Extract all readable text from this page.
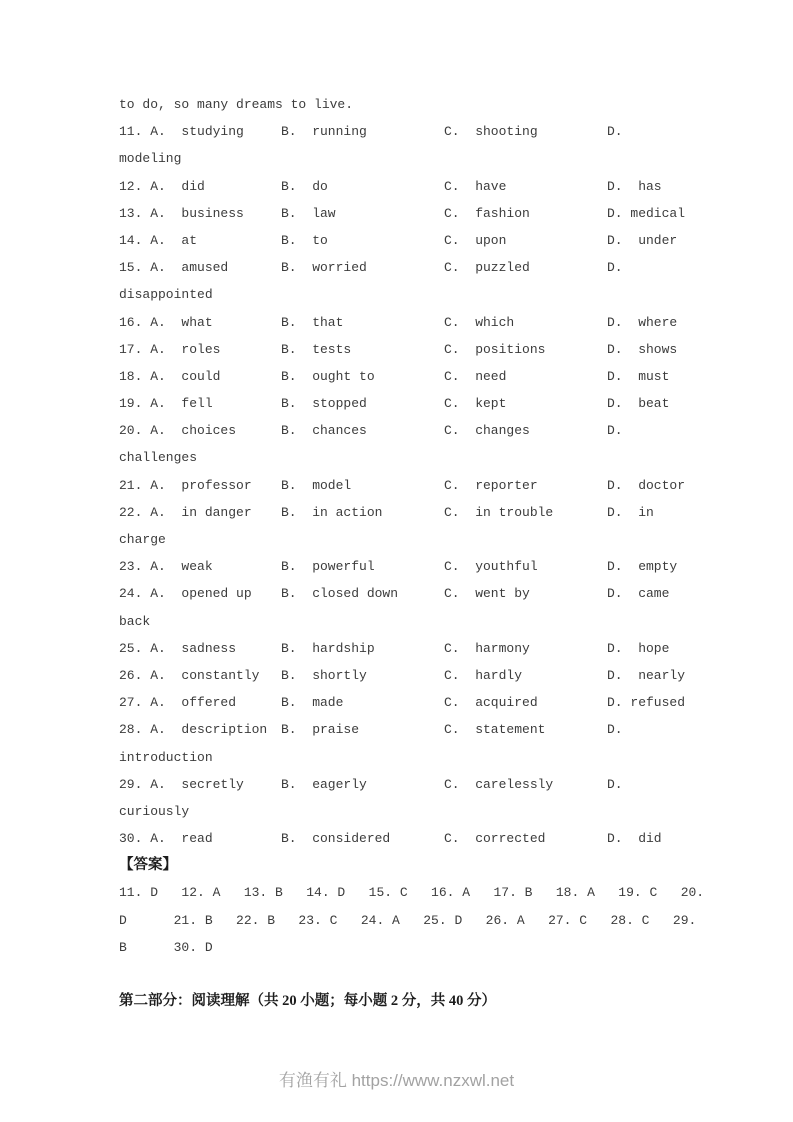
to do, so many dreams to live.
11. A.  studying	B.  running	C.  shooting	D.
modeling
12. A.  did	B.  do	C.  have	D.  has
13. A.  business	B.  law	C.  fashion	D. medical
14. A.  at	B.  to	C.  upon	D.  under
15. A.  amused	B.  worried	C.  puzzled	D.
disappointed
16. A.  what	B.  that	C.  which	D.  where
17. A.  roles	B.  tests	C.  positions	D.  shows
18. A.  could	B.  ought to	C.  need	D.  must
19. A.  fell	B.  stopped	C.  kept	D.  beat
20. A.  choices	B.  chances	C.  changes	D.
challenges
21. A.  professor	B.  model	C.  reporter	D.  doctor
22. A.  in danger	B.  in action	C.  in trouble	D.  in
charge
23. A.  weak	B.  powerful	C.  youthful	D.  empty
24. A.  opened up	B.  closed down	C.  went by	D.  came
back
25. A.  sadness	B.  hardship	C.  harmony	D.  hope
26. A.  constantly	B.  shortly	C.  hardly	D.  nearly
27. A.  offered	B.  made	C.  acquired	D. refused
28. A.  description	B.  praise	C.  statement	D.
introduction
29. A.  secretly	B.  eagerly	C.  carelessly	D.
curiously
30. A.  read	B.  considered	C.  corrected	D.  did
【答案】
11. D   12. A   13. B   14. D   15. C   16. A   17. B   18. A   19. C   20.
D      21. B   22. B   23. C   24. A   25. D   26. A   27. C   28. C   29.
B      30. D
第二部分：阅读理解（共 20 小题；每小题 2 分，共 40 分）
有渔有礼 https://www.nzxwl.net
